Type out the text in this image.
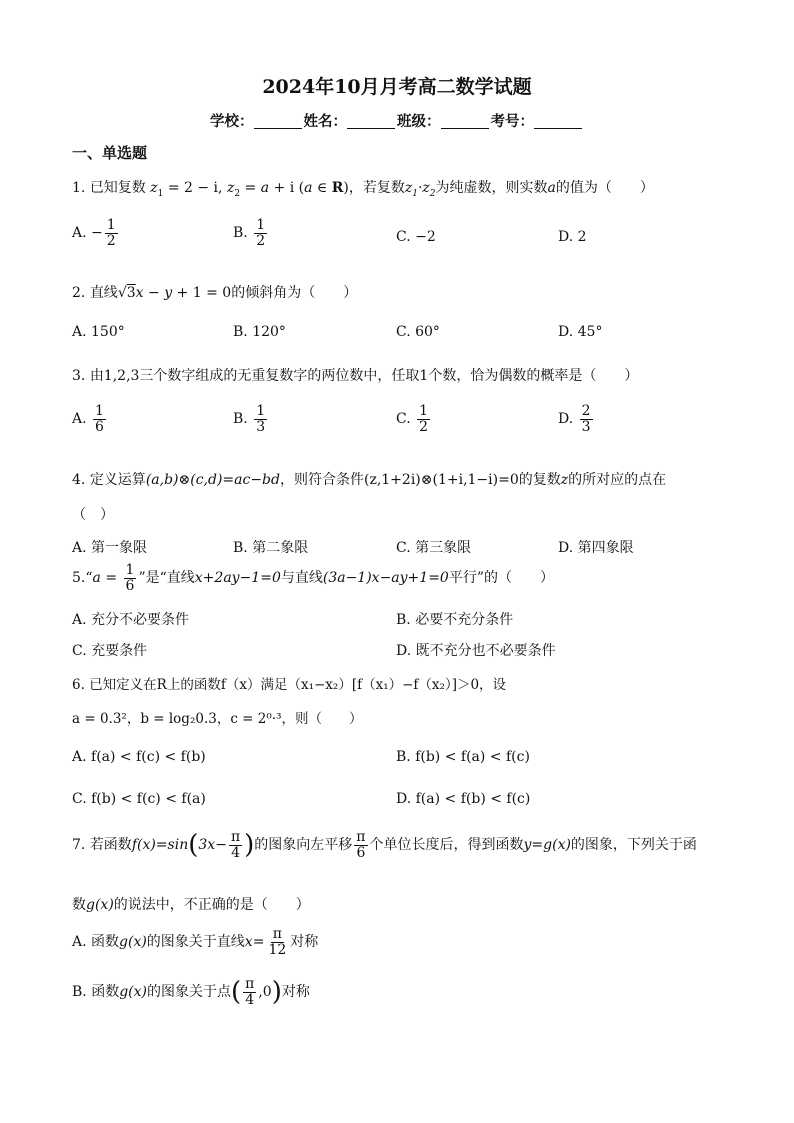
2024年10月月考高二数学试题
学校：	姓名：	班级：	考号：
一、单选题
1. 已知复数 $z_1 = 2 - i$, $z_2 = a + i$ (a ∈ R)，若复数$z_1\cdot z_2$为纯虚数，则实数a的值为（　　）
A. − $\frac{1}{2}$	B. $\frac{1}{2}$	C. −2	D. 2
2. 直线√3x − y + 1 = 0的倾斜角为（　　）
A. 150°	B. 120°	C. 60°	D. 45°
3. 由1,2,3三个数字组成的无重复数字的两位数中，任取1个数，恰为偶数的概率是（　　）
A. $\frac{1}{6}$	B. $\frac{1}{3}$	C. $\frac{1}{2}$	D. $\frac{2}{3}$
4. 定义运算(a,b)⊗(c,d)=ac−bd，则符合条件(z,1+2i)⊗(1+i,1−i)=0的复数z的所对应的点在
（　）
A. 第一象限	B. 第二象限	C. 第三象限	D. 第四象限
5.“a = $\frac{1}{6}$ ”是“直线x+2ay−1=0与直线(3a−1)x−ay+1=0平行”的（　　）
A. 充分不必要条件	B. 必要不充分条件
C. 充要条件	D. 既不充分也不必要条件
6. 已知定义在R上的函数f（x）满足（x₁−x₂）[f（x₁）−f（x₂）]＞0，设
a = 0.3²，b = log₂0.3，c = 2⁰·³，则（　　）
A. f(a) < f(c) < f(b)	B. f(b) < f(a) < f(c)
C. f(b) < f(c) < f(a)	D. f(a) < f(b) < f(c)
7. 若函数$f(x)=\sin(3x- \frac{\pi}{4}$ )的图象向左平移 $\frac{\pi}{6}$ 个单位长度后，得到函数y=g(x)的图象，下列关于函
数g(x)的说法中，不正确的是（　　）
A. 函数g(x)的图象关于直线$x= \frac{\pi}{12}$ 对称
B. 函数g(x)的图象关于点( $\frac{\pi}{4} ,0$)对称
